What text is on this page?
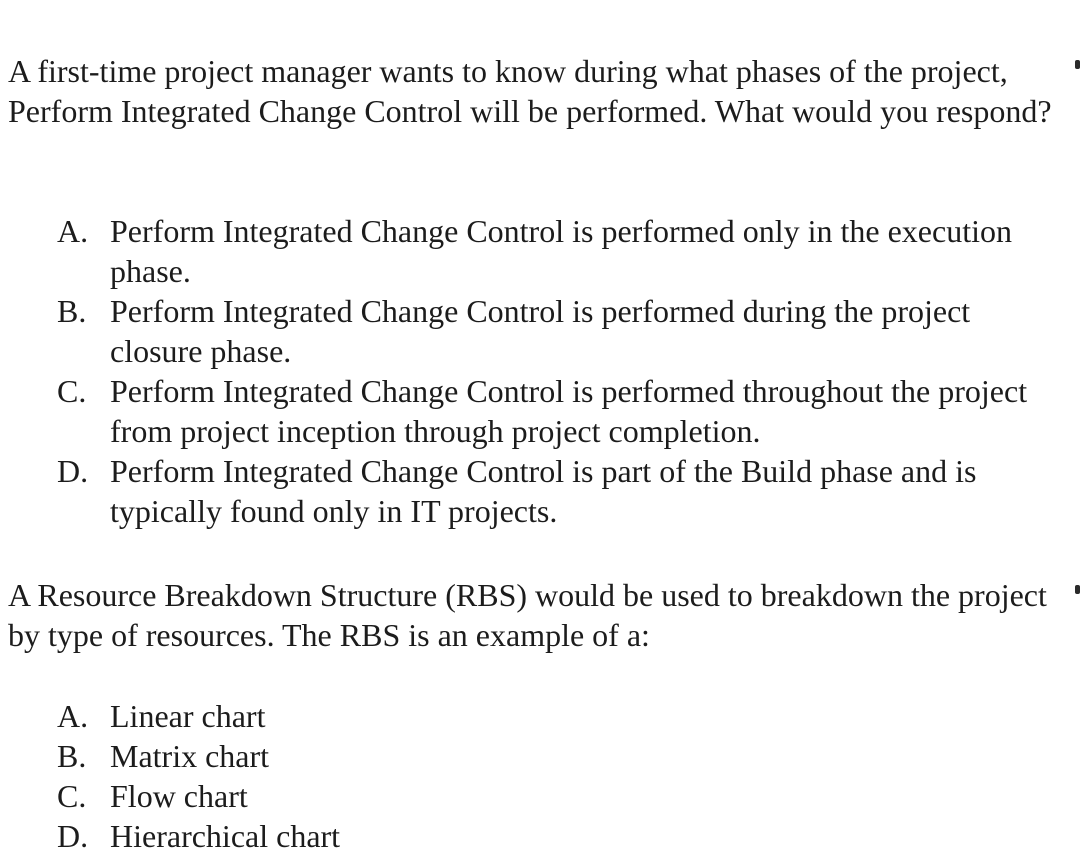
A first-time project manager wants to know during what phases of the project, Perform Integrated Change Control will be performed. What would you respond?

A. Perform Integrated Change Control is performed only in the execution phase.
B. Perform Integrated Change Control is performed during the project closure phase.
C. Perform Integrated Change Control is performed throughout the project from project inception through project completion.
D. Perform Integrated Change Control is part of the Build phase and is typically found only in IT projects.

A Resource Breakdown Structure (RBS) would be used to breakdown the project by type of resources. The RBS is an example of a:

A. Linear chart
B. Matrix chart
C. Flow chart
D. Hierarchical chart
